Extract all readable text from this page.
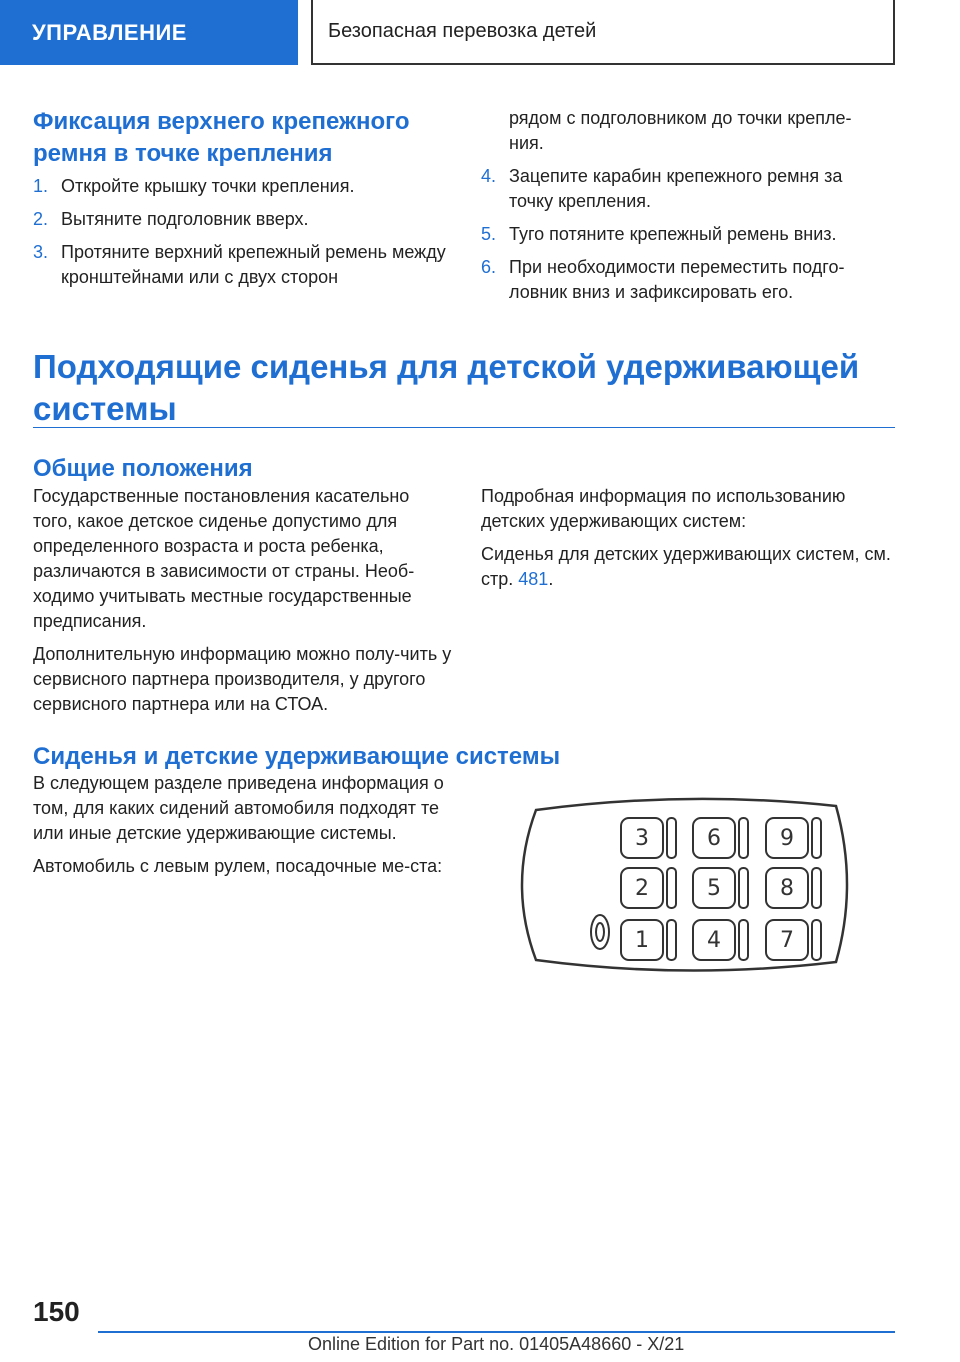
УПРАВЛЕНИЕ	Безопасная перевозка детей
Фиксация верхнего крепежного
ремня в точке крепления
1. Откройте крышку точки крепления.
2. Вытяните подголовник вверх.
3. Протяните верхний крепежный ремень между кронштейнами или с двух сторон
рядом с подголовником до точки крепле-ния.
4. Зацепите карабин крепежного ремня за точку крепления.
5. Туго потяните крепежный ремень вниз.
6. При необходимости переместить подго-ловник вниз и зафиксировать его.
Подходящие сиденья для детской удерживающей системы
Общие положения

Государственные постановления касательно того, какое детское сиденье допустимо для определенного возраста и роста ребенка, различаются в зависимости от страны. Необ-ходимо учитывать местные государственные предписания.

Дополнительную информацию можно полу-чить у сервисного партнера производителя, у другого сервисного партнера или на СТОА.

Подробная информация по использованию детских удерживающих систем:

Сиденья для детских удерживающих систем, см. стр. 481.

Сиденья и детские удерживающие системы

В следующем разделе приведена информация о том, для каких сидений автомобиля подходят те или иные детские удерживающие системы.

Автомобиль с левым рулем, посадочные ме-ста:

3	6	9
2	5	8
1	4	7
150
Online Edition for Part no. 01405A48660 - X/21
